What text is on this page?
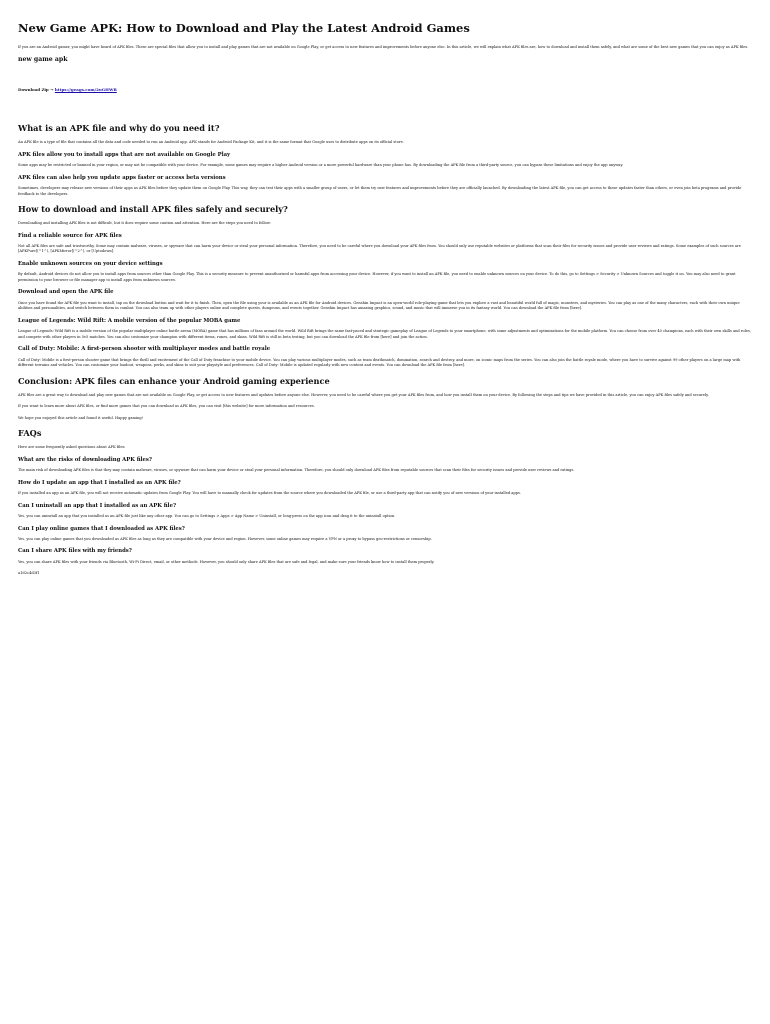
New Game APK: How to Download and Play the Latest Android Games

If you are an Android gamer, you might have heard of APK files. These are special files that allow you to install and play games that are not available on Google Play, or get access to new features and improvements before anyone else. In this article, we will explain what APK files are, how to download and install them safely, and what are some of the best new games that you can enjoy as APK files.

new game apk
Download Zip → https://geags.com/2uGHWR
What is an APK file and why do you need it?

An APK file is a type of file that contains all the data and code needed to run an Android app. APK stands for Android Package Kit, and it is the same format that Google uses to distribute apps on its official store.

APK files allow you to install apps that are not available on Google Play

Some apps may be restricted or banned in your region, or may not be compatible with your device. For example, some games may require a higher Android version or a more powerful hardware than your phone has. By downloading the APK file from a third-party source, you can bypass these limitations and enjoy the app anyway.

APK files can also help you update apps faster or access beta versions

Sometimes, developers may release new versions of their apps as APK files before they update them on Google Play. This way, they can test their apps with a smaller group of users, or let them try new features and improvements before they are officially launched. By downloading the latest APK file, you can get access to these updates faster than others, or even join beta programs and provide feedback to the developers.

How to download and install APK files safely and securely?

Downloading and installing APK files is not difficult, but it does require some caution and attention. Here are the steps you need to follow:

Find a reliable source for APK files

Not all APK files are safe and trustworthy. Some may contain malware, viruses, or spyware that can harm your device or steal your personal information. Therefore, you need to be careful where you download your APK files from. You should only use reputable websites or platforms that scan their files for security issues and provide user reviews and ratings. Some examples of such sources are [APKPure](^1^), [APKMirror](^2^), or [Uptodown].

Enable unknown sources on your device settings

By default, Android devices do not allow you to install apps from sources other than Google Play. This is a security measure to prevent unauthorized or harmful apps from accessing your device. However, if you want to install an APK file, you need to enable unknown sources on your device. To do this, go to Settings > Security > Unknown Sources and toggle it on. You may also need to grant permission to your browser or file manager app to install apps from unknown sources.

Download and open the APK file

Once you have found the APK file you want to install, tap on the download button and wait for it to finish. Then, open the file using your is available as an APK file for Android devices. Genshin Impact is an open-world role-playing game that lets you explore a vast and beautiful world full of magic, monsters, and mysteries. You can play as one of the many characters, each with their own unique abilities and personalities, and switch between them in combat. You can also team up with other players online and complete quests, dungeons, and events together. Genshin Impact has amazing graphics, sound, and music that will immerse you in its fantasy world. You can download the APK file from [here].

League of Legends: Wild Rift: A mobile version of the popular MOBA game

League of Legends: Wild Rift is a mobile version of the popular multiplayer online battle arena (MOBA) game that has millions of fans around the world. Wild Rift brings the same fast-paced and strategic gameplay of League of Legends to your smartphone, with some adjustments and optimizations for the mobile platform. You can choose from over 40 champions, each with their own skills and roles, and compete with other players in 5v5 matches. You can also customize your champion with different items, runes, and skins. Wild Rift is still in beta testing, but you can download the APK file from [here] and join the action.

Call of Duty: Mobile: A first-person shooter with multiplayer modes and battle royale

Call of Duty: Mobile is a first-person shooter game that brings the thrill and excitement of the Call of Duty franchise to your mobile device. You can play various multiplayer modes, such as team deathmatch, domination, search and destroy, and more, on iconic maps from the series. You can also join the battle royale mode, where you have to survive against 99 other players on a large map with different terrains and vehicles. You can customize your loadout, weapons, perks, and skins to suit your playstyle and preferences. Call of Duty: Mobile is updated regularly with new content and events. You can download the APK file from [here].

Conclusion: APK files can enhance your Android gaming experience

APK files are a great way to download and play new games that are not available on Google Play, or get access to new features and updates before anyone else. However, you need to be careful where you get your APK files from, and how you install them on your device. By following the steps and tips we have provided in this article, you can enjoy APK files safely and securely.

If you want to learn more about APK files, or find more games that you can download as APK files, you can visit [this website] for more information and resources.

We hope you enjoyed this article and found it useful. Happy gaming!

FAQs

Here are some frequently asked questions about APK files:

What are the risks of downloading APK files?

The main risk of downloading APK files is that they may contain malware, viruses, or spyware that can harm your device or steal your personal information. Therefore, you should only download APK files from reputable sources that scan their files for security issues and provide user reviews and ratings.

How do I update an app that I installed as an APK file?

If you installed an app as an APK file, you will not receive automatic updates from Google Play. You will have to manually check for updates from the source where you downloaded the APK file, or use a third-party app that can notify you of new versions of your installed apps.

Can I uninstall an app that I installed as an APK file?

Yes, you can uninstall an app that you installed as an APK file just like any other app. You can go to Settings > Apps > App Name > Uninstall, or long-press on the app icon and drag it to the uninstall option.

Can I play online games that I downloaded as APK files?

Yes, you can play online games that you downloaded as APK files as long as they are compatible with your device and region. However, some online games may require a VPN or a proxy to bypass geo-restrictions or censorship.

Can I share APK files with my friends?

Yes, you can share APK files with your friends via Bluetooth, Wi-Fi Direct, email, or other methods. However, you should only share APK files that are safe and legal, and make sure your friends know how to install them properly.

a1d2c4d3f1
